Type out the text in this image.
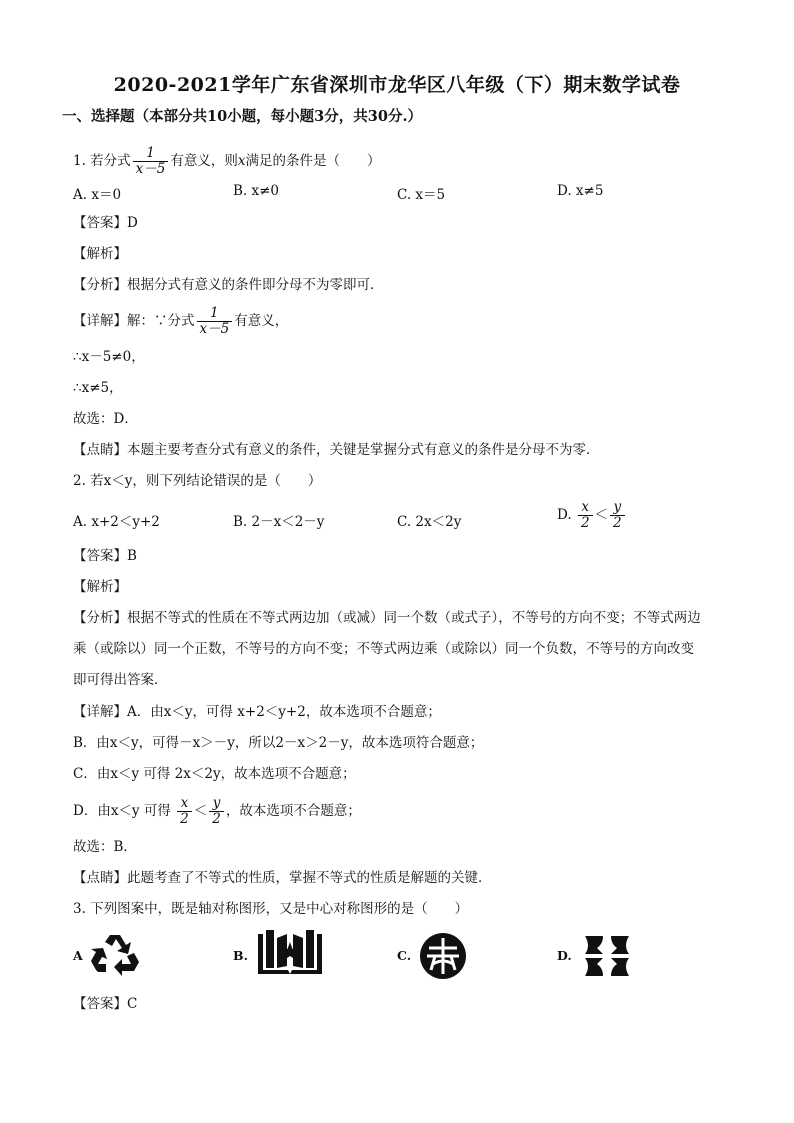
2020-2021学年广东省深圳市龙华区八年级（下）期末数学试卷
一、选择题（本部分共10小题，每小题3分，共30分.）
1. 若分式 $\frac{1}{x-5}$ 有意义，则x满足的条件是（　　）
A. x＝0	B. x≠0	C. x＝5	D. x≠5
【答案】D
【解析】
【分析】根据分式有意义的条件即分母不为零即可．
【详解】解：∵分式 $\frac{1}{x-5}$ 有意义，
∴x－5≠0，
∴x≠5，
故选：D．
【点睛】本题主要考查分式有意义的条件，关键是掌握分式有意义的条件是分母不为零．
2. 若x＜y，则下列结论错误的是（　　）
A. x+2＜y+2	B. 2－x＜2－y	C. 2x＜2y	D. $\frac{x}{2} < \frac{y}{2}$
【答案】B
【解析】
【分析】根据不等式的性质在不等式两边加（或减）同一个数（或式子），不等号的方向不变；不等式两边
乘（或除以）同一个正数，不等号的方向不变；不等式两边乘（或除以）同一个负数，不等号的方向改变
即可得出答案．
【详解】A．由x＜y，可得 x+2＜y+2，故本选项不合题意；
B．由x＜y，可得－x＞－y，所以2－x＞2－y，故本选项符合题意；
C．由x＜y 可得 2x＜2y，故本选项不合题意；
D．由x＜y 可得 $\frac{x}{2} < \frac{y}{2}$ ，故本选项不合题意；
故选：B．
【点睛】此题考查了不等式的性质，掌握不等式的性质是解题的关键．
3. 下列图案中，既是轴对称图形，又是中心对称图形的是（　　）
A	B.	C.	D.
【答案】C
